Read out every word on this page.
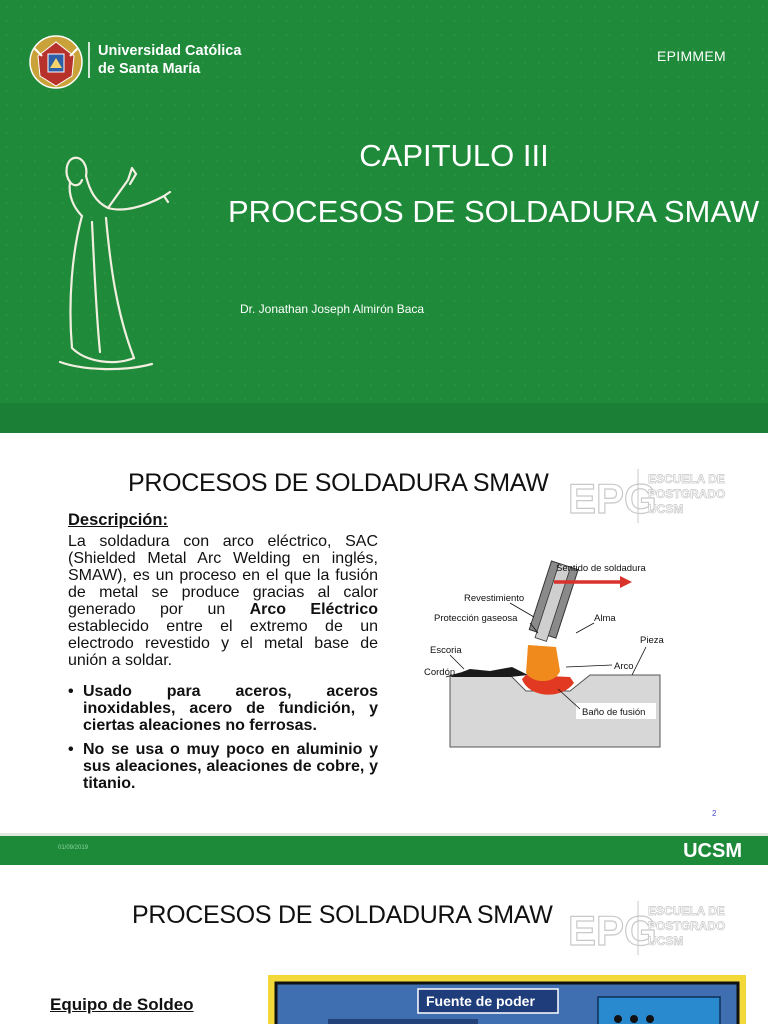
Universidad Católica
de Santa María
EPIMMEM
CAPITULO III
PROCESOS DE SOLDADURA SMAW
Dr. Jonathan Joseph Almirón Baca
PROCESOS DE SOLDADURA SMAW EPG
ESCUELA DE
POSTGRADO
UCSM
Descripción:

La soldadura con arco eléctrico, SAC (Shielded Metal Arc Welding en inglés, SMAW), es un proceso en el que la fusión de metal se produce gracias al calor generado por un Arco Eléctrico establecido entre el extremo de un electrodo revestido y el metal base de unión a soldar.

• Usado para aceros, aceros inoxidables, acero de fundición, y ciertas aleaciones no ferrosas.
• No se usa o muy poco en aluminio y sus aleaciones, aleaciones de cobre, y titanio.
Sentido de soldadura
Revestimiento
Protección gaseosa	Alma
Pieza
Escoria
Arco
Cordón
Baño de fusión
2
01/09/2019	UCSM
PROCESOS DE SOLDADURA SMAW EPG
ESCUELA DE
POSTGRADO
UCSM
Equipo de Soldeo	Fuente de poder
